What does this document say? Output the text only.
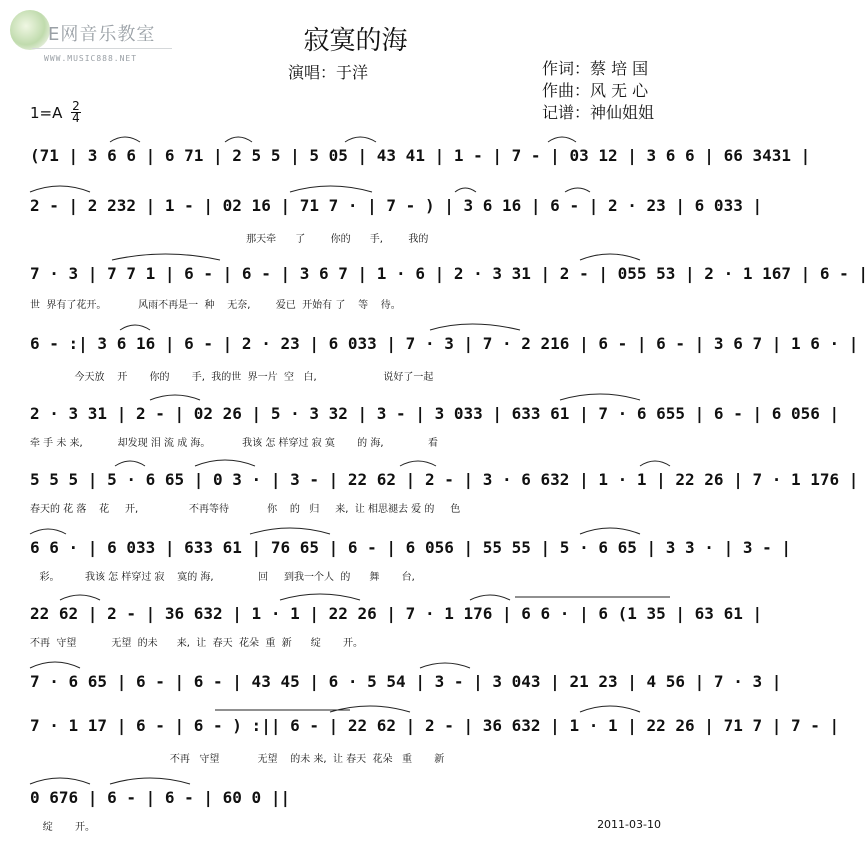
E网音乐教室
WWW.MUSIC888.NET
寂寞的海
演唱：于洋	作词：蔡 培 国
作曲：风 无 心
记谱：神仙姐姐
1=A 2
4
(71 | 3 6 6 | 6 71 | 2 5 5 | 5 05 | 43 41 | 1 - | 7 - | 03 12 | 3 6 6 | 66 3431 |
2 - | 2 232 | 1 - | 02 16 | 71 7 · | 7 - ) | 3 6 16 | 6 - | 2 · 23 | 6 033 |
那天牵      了        你的      手,        我的
7 · 3 | 7 7 1 | 6 - | 6 - | 3 6 7 | 1 · 6 | 2 · 3 31 | 2 - | 055 53 | 2 · 1 167 | 6 - |
世  界有了花开。          风雨不再是一  种    无奈,        爱已  开始有 了    等    待。
6 - :| 3 6 16 | 6 - | 2 · 23 | 6 033 | 7 · 3 | 7 · 2 216 | 6 - | 6 - | 3 6 7 | 1 6 · |
今天放    开       你的       手,  我的世  界一片  空   白,                     说好了一起
2 · 3 31 | 2 - | 02 26 | 5 · 3 32 | 3 - | 3 033 | 633 61 | 7 · 6 655 | 6 - | 6 056 |
牵 手 未 来,           却发现 泪 流 成 海。          我该 怎 样穿过 寂 寞       的 海,              看
5 5 5 | 5 · 6 65 | 0 3 · | 3 - | 22 62 | 2 - | 3 · 6 632 | 1 · 1 | 22 26 | 7 · 1 176 |
春天的 花 落    花     开,                不再等待            你    的   归     来,  让 相思褪去 爱 的     色
6 6 · | 6 033 | 633 61 | 76 65 | 6 - | 6 056 | 55 55 | 5 · 6 65 | 3 3 · | 3 - |
彩。        我该 怎 样穿过 寂    寞的 海,              回     到我一个人  的      舞       台,
22 62 | 2 - | 36 632 | 1 · 1 | 22 26 | 7 · 1 176 | 6 6 · | 6 (1 35 | 63 61 |
不再  守望           无望  的未      来,  让  春天  花朵  重  新      绽       开。
7 · 6 65 | 6 - | 6 - | 43 45 | 6 · 5 54 | 3 - | 3 043 | 21 23 | 4 56 | 7 · 3 |
7 · 1 17 | 6 - | 6 - ) :|| 6 - | 22 62 | 2 - | 36 632 | 1 · 1 | 22 26 | 71 7 | 7 - |
不再   守望            无望    的未 来,  让 春天  花朵   重       新
0 676 | 6 - | 6 - | 60 0 ||
绽       开。	2011-03-10
